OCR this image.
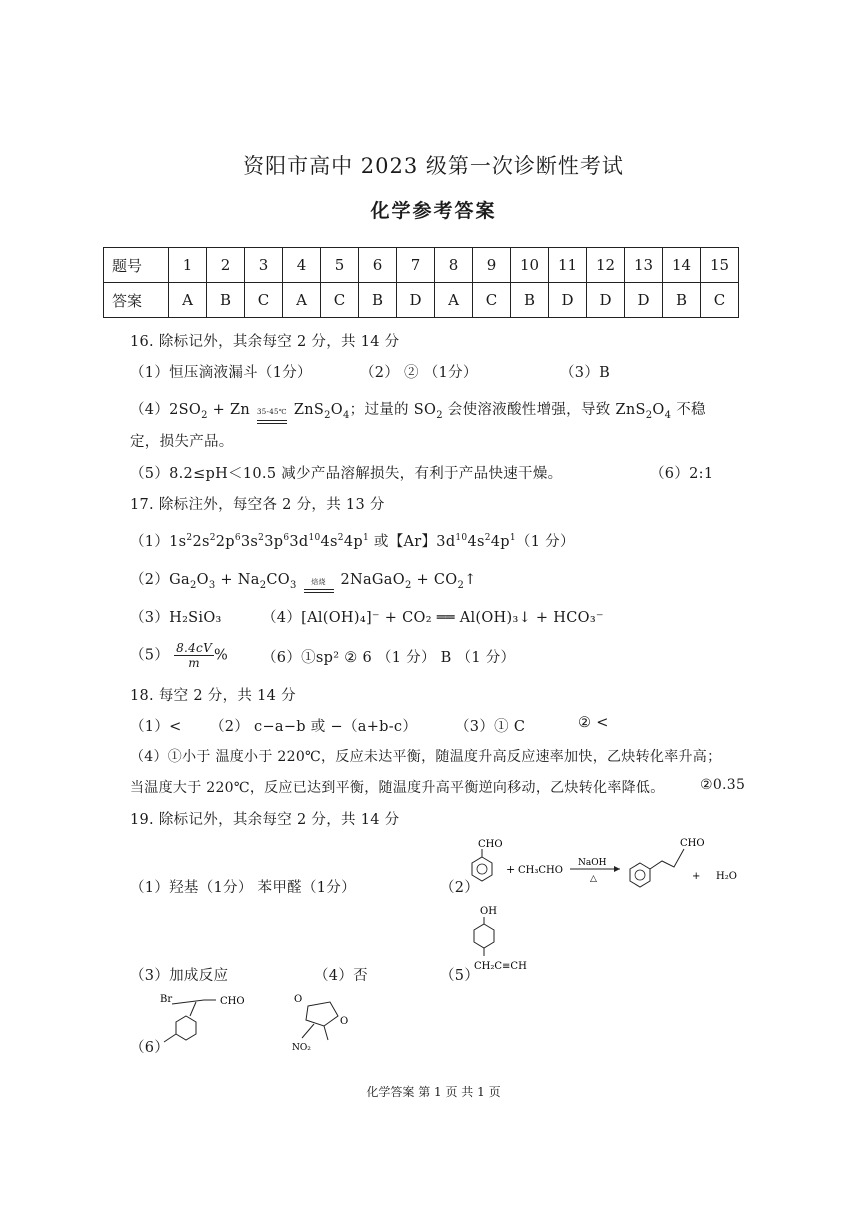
资阳市高中 2023 级第一次诊断性考试
化学参考答案
题号	1	2	3	4	5	6	7	8	9	10	11	12	13	14	15
答案	A	B	C	A	C	B	D	A	C	B	D	D	D	B	C
16. 除标记外，其余每空 2 分，共 14 分
（1）恒压滴液漏斗（1分）	（2） ② （1分）	（3）B
$(4)2SO_2 + Zn$ 35-45℃ $ZnS_2O_4$；过量的 $SO_2$ 会使溶液酸性增强，导致 $ZnS_2O_4$ 不稳
定，损失产品。
（5）8.2≤pH＜10.5 减少产品溶解损失，有利于产品快速干燥。	（6）2:1
17. 除标注外，每空各 2 分，共 13 分
$(1)1s^22s^22p^63s^23p^63d^{10}4s^24p^1$ 或【Ar】$3d^{10}4s^24p^1(1$ 分）
$(2)Ga_2O_3 + Na_2CO_3$ 焙烧 2NaGaO$_2$ + $CO_2↑$
（3）H₂SiO₃	（4）[Al(OH)₄]⁻ + CO₂ ══ Al(OH)₃↓ + HCO₃⁻
$(5) \frac{8.4cV}{m}$ % （6）①sp² ② 6 （1 分） B （1 分）
18. 每空 2 分，共 14 分
（1）< （2） c−a−b 或 −（a+b-c）	（3）① C	② <
（4）①小于 温度小于 220℃，反应未达平衡，随温度升高反应速率加快，乙炔转化率升高；
当温度大于 220℃，反应已达到平衡，随温度升高平衡逆向移动，乙炔转化率降低。	②0.35
19. 除标记外，其余每空 2 分，共 14 分
（1）羟基（1分） 苯甲醛（1分）	（2）
CHO
+ CH₃CHO
NaOH
△
CHO
+ H₂O
（3）加成反应	（4）否	（5）
OH
CH₂C≡CH
（6）
Br	CHO	O
O
NO₂
化学答案 第 1 页 共 1 页
